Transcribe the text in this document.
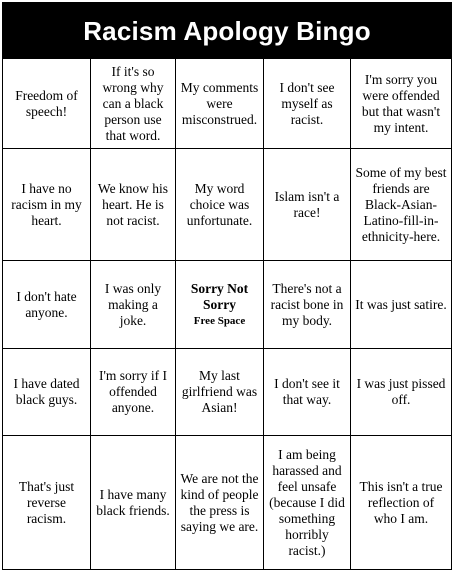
Racism Apology Bingo
Freedom of speech!
If it's so wrong why can a black person use that word.
My comments were misconstrued.
I don't see myself as racist.
I'm sorry you were offended but that wasn't my intent.
I have no racism in my heart.
We know his heart. He is not racist.
My word choice was unfortunate.
Islam isn't a race!
Some of my best friends are Black-Asian-Latino-fill-in-ethnicity-here.
I don't hate anyone.
I was only making a joke.
Sorry Not Sorry
Free Space
There's not a racist bone in my body.
It was just satire.
I have dated black guys.
I'm sorry if I offended anyone.
My last girlfriend was Asian!
I don't see it that way.
I was just pissed off.
That's just reverse racism.
I have many black friends.
We are not the kind of people the press is saying we are.
I am being harassed and feel unsafe (because I did something horribly racist.)
This isn't a true reflection of who I am.
